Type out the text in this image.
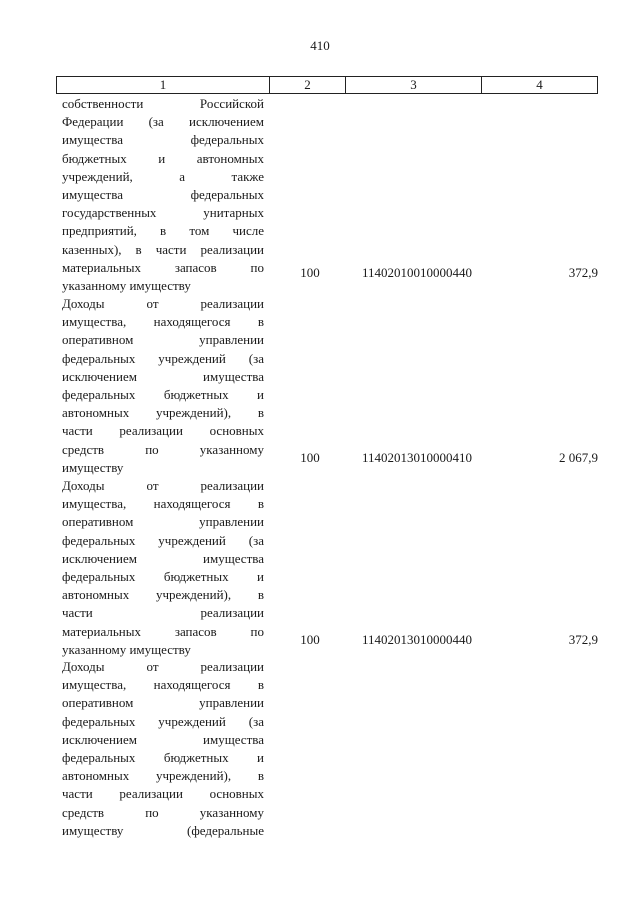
410
1	2	3	4
собственности Российской
Федерации (за исключением
имущества федеральных
бюджетных и автономных
учреждений, а также
имущества федеральных
государственных унитарных
предприятий, в том числе
казенных), в части реализации
материальных запасов по
указанному имуществу
100	11402010010000440	372,9
Доходы от реализации
имущества, находящегося в
оперативном управлении
федеральных учреждений (за
исключением имущества
федеральных бюджетных и
автономных учреждений), в
части реализации основных
средств по указанному
имуществу
100	11402013010000410	2 067,9
Доходы от реализации
имущества, находящегося в
оперативном управлении
федеральных учреждений (за
исключением имущества
федеральных бюджетных и
автономных учреждений), в
части реализации
материальных запасов по
указанному имуществу
100	11402013010000440	372,9
Доходы от реализации
имущества, находящегося в
оперативном управлении
федеральных учреждений (за
исключением имущества
федеральных бюджетных и
автономных учреждений), в
части реализации основных
средств по указанному
имуществу (федеральные
